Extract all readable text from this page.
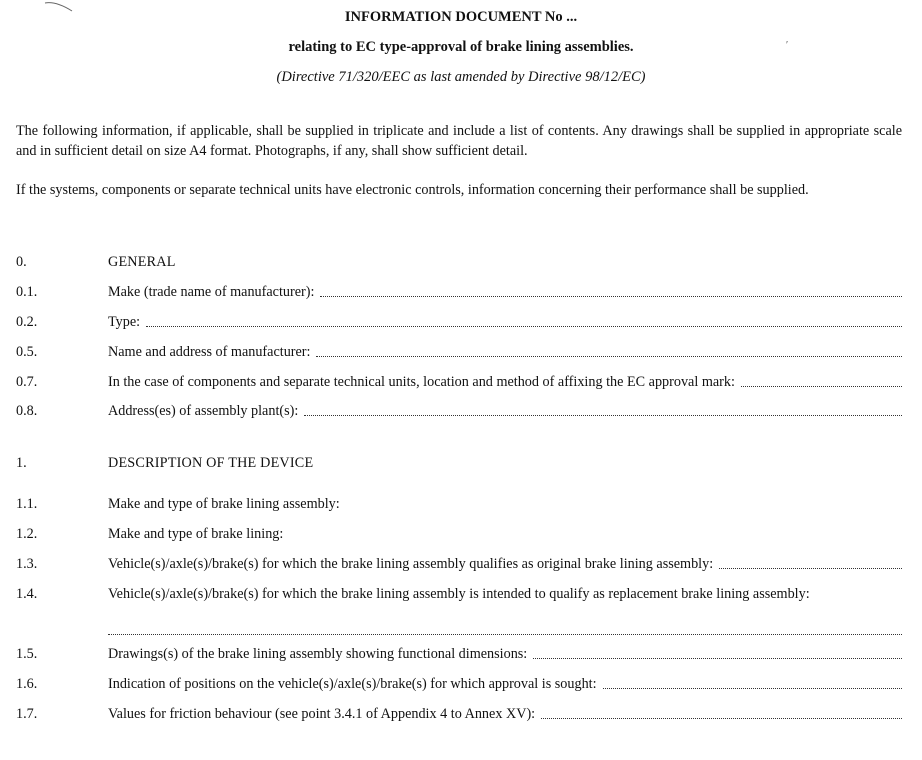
INFORMATION DOCUMENT No ...
relating to EC type-approval of brake lining assemblies.
(Directive 71/320/EEC as last amended by Directive 98/12/EC)
The following information, if applicable, shall be supplied in triplicate and include a list of contents. Any drawings shall be supplied in appropriate scale and in sufficient detail on size A4 format. Photographs, if any, shall show sufficient detail.
If the systems, components or separate technical units have electronic controls, information concerning their performance shall be supplied.
0.	GENERAL
0.1.	Make (trade name of manufacturer):
0.2.	Type:
0.5.	Name and address of manufacturer:
0.7.	In the case of components and separate technical units, location and method of affixing the EC approval mark:
0.8.	Address(es) of assembly plant(s):
1.	DESCRIPTION OF THE DEVICE
1.1.	Make and type of brake lining assembly:
1.2.	Make and type of brake lining:
1.3.	Vehicle(s)/axle(s)/brake(s) for which the brake lining assembly qualifies as original brake lining assembly:
1.4.	Vehicle(s)/axle(s)/brake(s) for which the brake lining assembly is intended to qualify as replacement brake lining assembly:
1.5.	Drawings(s) of the brake lining assembly showing functional dimensions:
1.6.	Indication of positions on the vehicle(s)/axle(s)/brake(s) for which approval is sought:
1.7.	Values for friction behaviour (see point 3.4.1 of Appendix 4 to Annex XV):
′
